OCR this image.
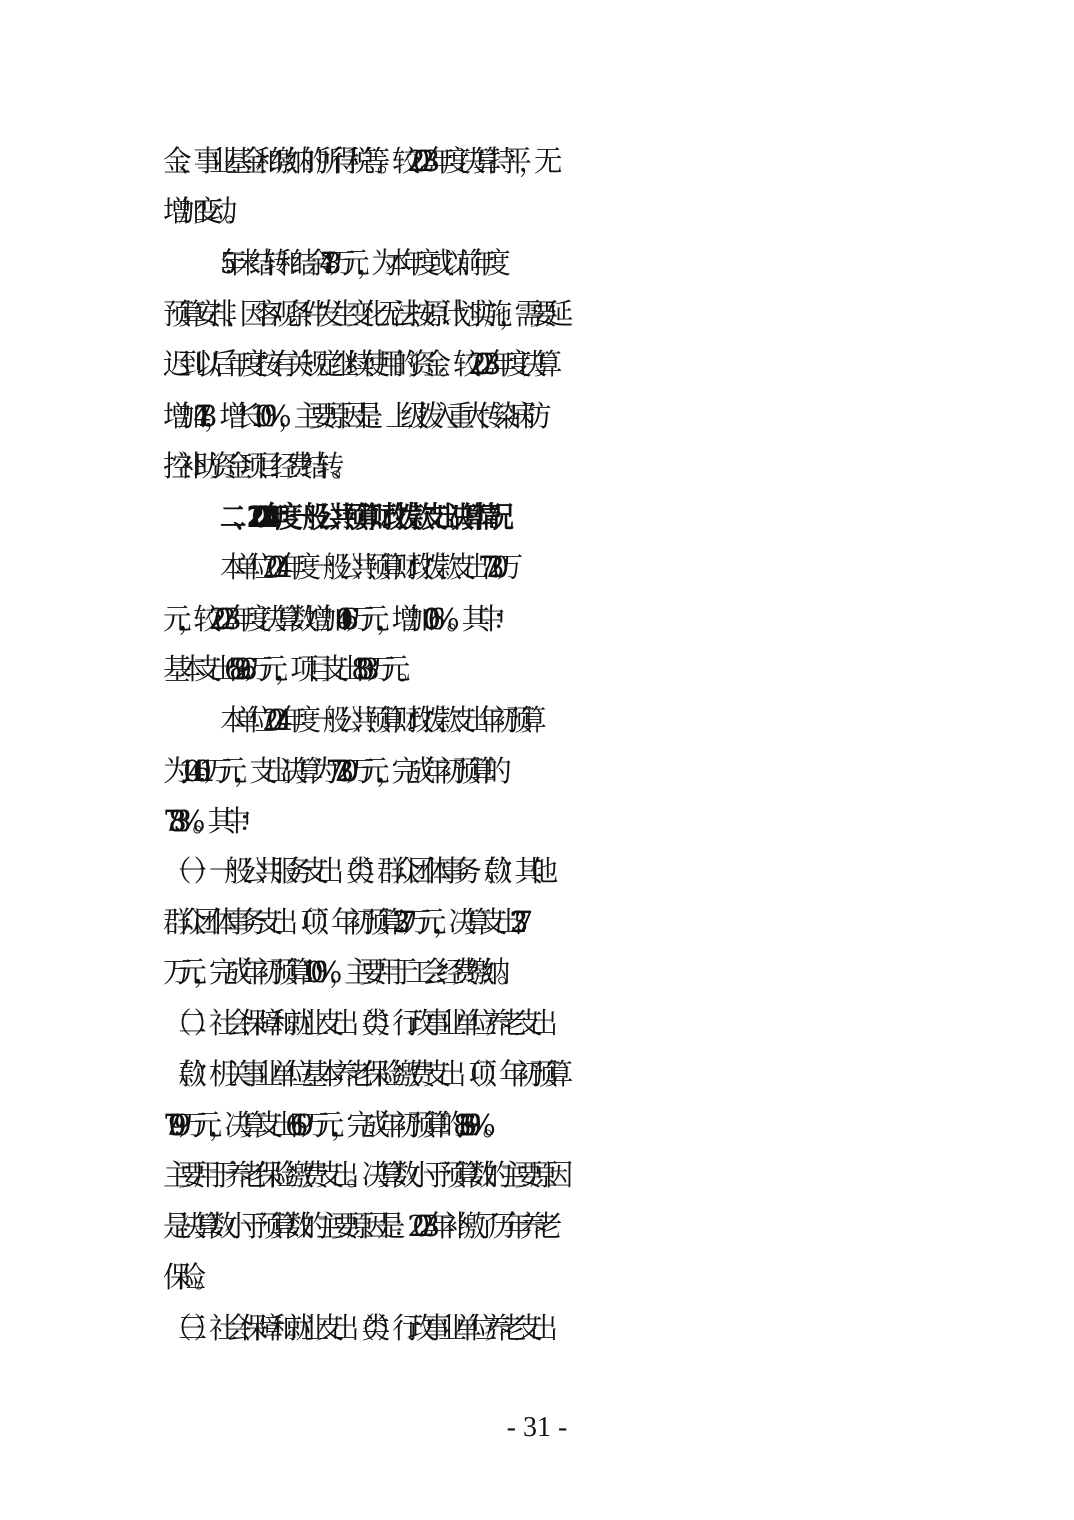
金、事业基金和缴纳的所得税等。较2023年度决算持平，无
增加变动。
5.年末结转和结余4.78万元，为本年度或以前年度
预算安排、因客观条件发生变化无法按原计划实施，需要延
迟到以后年度按有关规定继续使用的资金。较2023年度决算
增加4.78，增长100%，主要原因是：上级拨入重大传染病防
控补助资金项目经费结转。
二、2024 年度一般公共预算财政拨款支出决算情况
本单位2024年度一般公共预算财政拨款支出772.30万
元，较2023年度决算数增加0.46万元，增加0.06%。其中：
基本支出689.26万元，项目支出83.03万元。
本单位2024年度一般公共预算财政拨款支出年初预算
为1046.01万元，支出决算为772.30万元，完成年初预算的
73.83%。其中：
（一）一般公共服务支出（类）群众团体事务（款）其他
群众团体事务支出（项）年初预算2.37万元，决算支出2.37
万元，完成年初预算100%，主要用于工会经费缴纳。
（二）社会保障和就业支出（类）行政事业单位养老支出
（款）机关事业单位基本养老保险缴费支出（项）年初预算
79.09万元，决算支出66.19万元，完成年初预算的83.69%。
主要用于养老保险缴费支出。决算数小于预算数的主要原因
是决算数小于预算数的主要原因是：2023年补缴了历年养老
保险。
（三）社会保障和就业支出（类）行政事业单位养老支出
- 31 -
